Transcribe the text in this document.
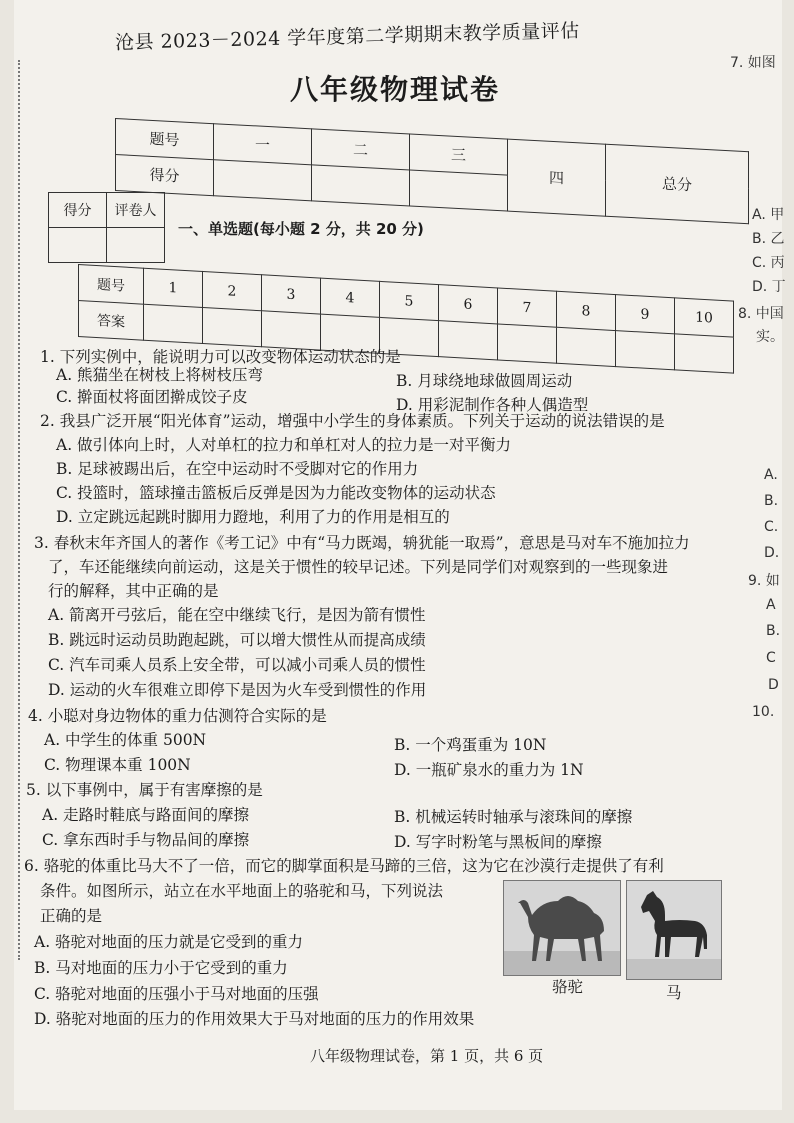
沧县 2023－2024 学年度第二学期期末教学质量评估
八年级物理试卷
题号	一	二	三	四	总分
得分					
得分	评卷人

一、单选题(每小题 2 分，共 20 分)
题号	1	2	3	4	5	6	7	8	9	10
答案										
1. 下列实例中，能说明力可以改变物体运动状态的是
A. 熊猫坐在树枝上将树枝压弯	B. 月球绕地球做圆周运动
C. 擀面杖将面团擀成饺子皮	D. 用彩泥制作各种人偶造型
2. 我县广泛开展“阳光体育”运动，增强中小学生的身体素质。下列关于运动的说法错误的是
A. 做引体向上时，人对单杠的拉力和单杠对人的拉力是一对平衡力
B. 足球被踢出后，在空中运动时不受脚对它的作用力
C. 投篮时，篮球撞击篮板后反弹是因为力能改变物体的运动状态
D. 立定跳远起跳时脚用力蹬地，利用了力的作用是相互的
3. 春秋末年齐国人的著作《考工记》中有“马力既竭，辀犹能一取焉”，意思是马对车不施加拉力
了，车还能继续向前运动，这是关于惯性的较早记述。下列是同学们对观察到的一些现象进
行的解释，其中正确的是
A. 箭离开弓弦后，能在空中继续飞行，是因为箭有惯性
B. 跳远时运动员助跑起跳，可以增大惯性从而提高成绩
C. 汽车司乘人员系上安全带，可以减小司乘人员的惯性
D. 运动的火车很难立即停下是因为火车受到惯性的作用
4. 小聪对身边物体的重力估测符合实际的是
A. 中学生的体重 500N	B. 一个鸡蛋重为 10N
C. 物理课本重 100N	D. 一瓶矿泉水的重力为 1N
5. 以下事例中，属于有害摩擦的是
A. 走路时鞋底与路面间的摩擦	B. 机械运转时轴承与滚珠间的摩擦
C. 拿东西时手与物品间的摩擦	D. 写字时粉笔与黑板间的摩擦
6. 骆驼的体重比马大不了一倍，而它的脚掌面积是马蹄的三倍，这为它在沙漠行走提供了有利
条件。如图所示，站立在水平地面上的骆驼和马，下列说法
正确的是
A. 骆驼对地面的压力就是它受到的重力
B. 马对地面的压力小于它受到的重力
C. 骆驼对地面的压强小于马对地面的压强
D. 骆驼对地面的压力的作用效果大于马对地面的压力的作用效果
骆驼	马
八年级物理试卷，第 1 页，共 6 页
7. 如图
A. 甲
B. 乙
C. 丙
D. 丁
8. 中国
实。
A.
B.
C.
D.
9. 如
A
B.
C
D
10.
